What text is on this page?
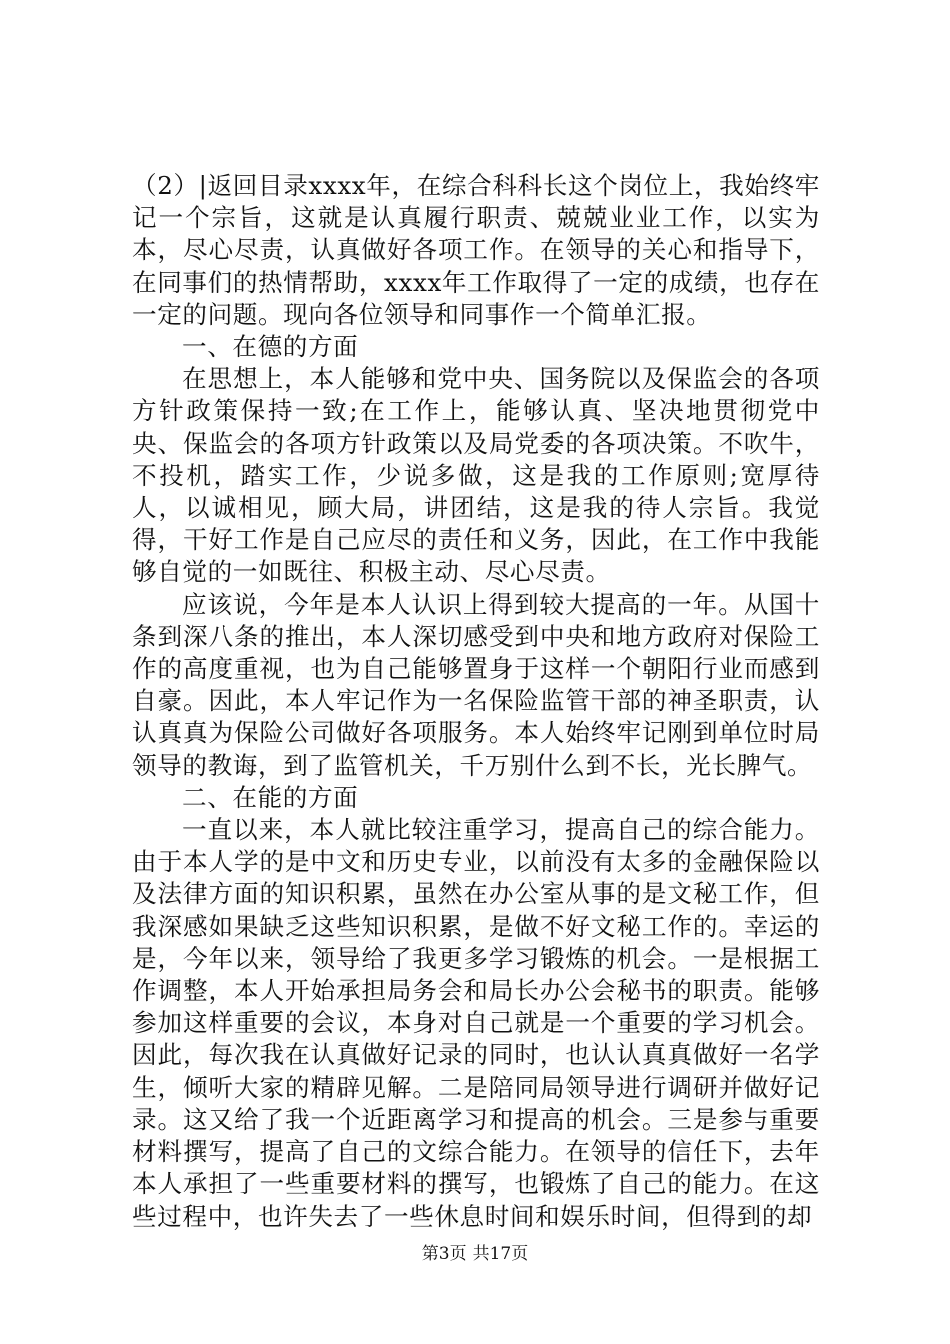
（2）|返回目录xxxx年，在综合科科长这个岗位上，我始终牢记一个宗旨，这就是认真履行职责、兢兢业业工作，以实为本，尽心尽责，认真做好各项工作。在领导的关心和指导下，在同事们的热情帮助，xxxx年工作取得了一定的成绩，也存在一定的问题。现向各位领导和同事作一个简单汇报。

一、在德的方面

在思想上，本人能够和党中央、国务院以及保监会的各项方针政策保持一致;在工作上，能够认真、坚决地贯彻党中央、保监会的各项方针政策以及局党委的各项决策。不吹牛，不投机，踏实工作，少说多做，这是我的工作原则;宽厚待人，以诚相见，顾大局，讲团结，这是我的待人宗旨。我觉得，干好工作是自己应尽的责任和义务，因此，在工作中我能够自觉的一如既往、积极主动、尽心尽责。

应该说，今年是本人认识上得到较大提高的一年。从国十条到深八条的推出，本人深切感受到中央和地方政府对保险工作的高度重视，也为自己能够置身于这样一个朝阳行业而感到自豪。因此，本人牢记作为一名保险监管干部的神圣职责，认认真真为保险公司做好各项服务。本人始终牢记刚到单位时局领导的教诲，到了监管机关，千万别什么到不长，光长脾气。

二、在能的方面

一直以来，本人就比较注重学习，提高自己的综合能力。由于本人学的是中文和历史专业，以前没有太多的金融保险以及法律方面的知识积累，虽然在办公室从事的是文秘工作，但我深感如果缺乏这些知识积累，是做不好文秘工作的。幸运的是，今年以来，领导给了我更多学习锻炼的机会。一是根据工作调整，本人开始承担局务会和局长办公会秘书的职责。能够参加这样重要的会议，本身对自己就是一个重要的学习机会。因此，每次我在认真做好记录的同时，也认认真真做好一名学生，倾听大家的精辟见解。二是陪同局领导进行调研并做好记录。这又给了我一个近距离学习和提高的机会。三是参与重要材料撰写，提高了自己的文综合能力。在领导的信任下，去年本人承担了一些重要材料的撰写，也锻炼了自己的能力。在这些过程中，也许失去了一些休息时间和娱乐时间，但得到的却

第3页 共17页
